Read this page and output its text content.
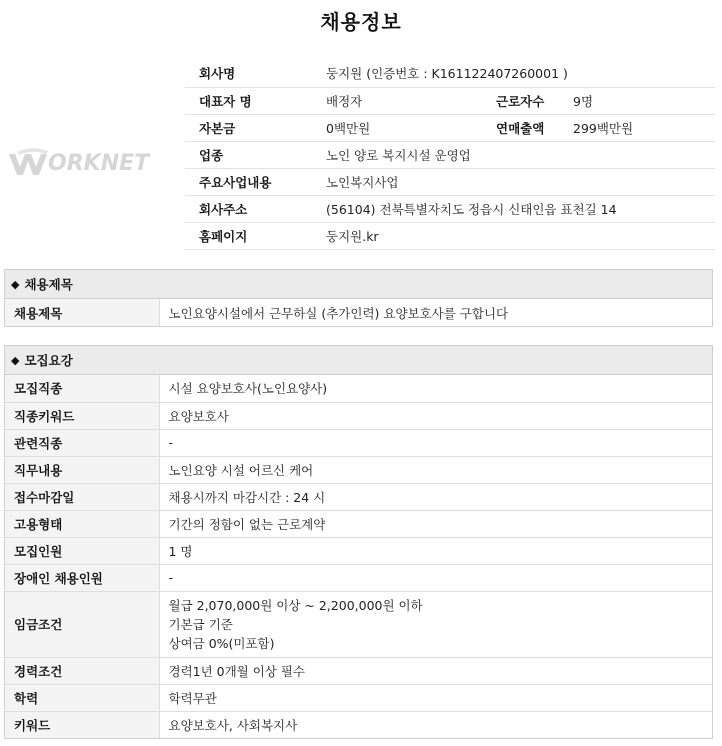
채용정보
ORKNET
회사명	둥지원 (인증번호 : K161122407260001 )		
대표자 명	배정자	근로자수	9명
자본금	0백만원	연매출액	299백만원
업종	노인 양로 복지시설 운영업		
주요사업내용	노인복지사업		
회사주소	(56104) 전북특별자치도 정읍시 신태인읍 표천길 14		
홈페이지	둥지원.kr		
◆ 채용제목
채용제목	노인요양시설에서 근무하실 (추가인력) 요양보호사를 구합니다
◆ 모집요강
모집직종	시설 요양보호사(노인요양사)
직종키워드	요양보호사
관련직종	-
직무내용	노인요양 시설 어르신 케어
접수마감일	채용시까지 마감시간 : 24 시
고용형태	기간의 정함이 없는 근로계약
모집인원	1 명
장애인 채용인원	-
임금조건	월급 2,070,000원 이상 ~ 2,200,000원 이하
기본급 기준
상여금 0%(미포함)

경력조건	경력1년 0개월 이상 필수
학력	학력무관
키워드	요양보호사, 사회복지사
